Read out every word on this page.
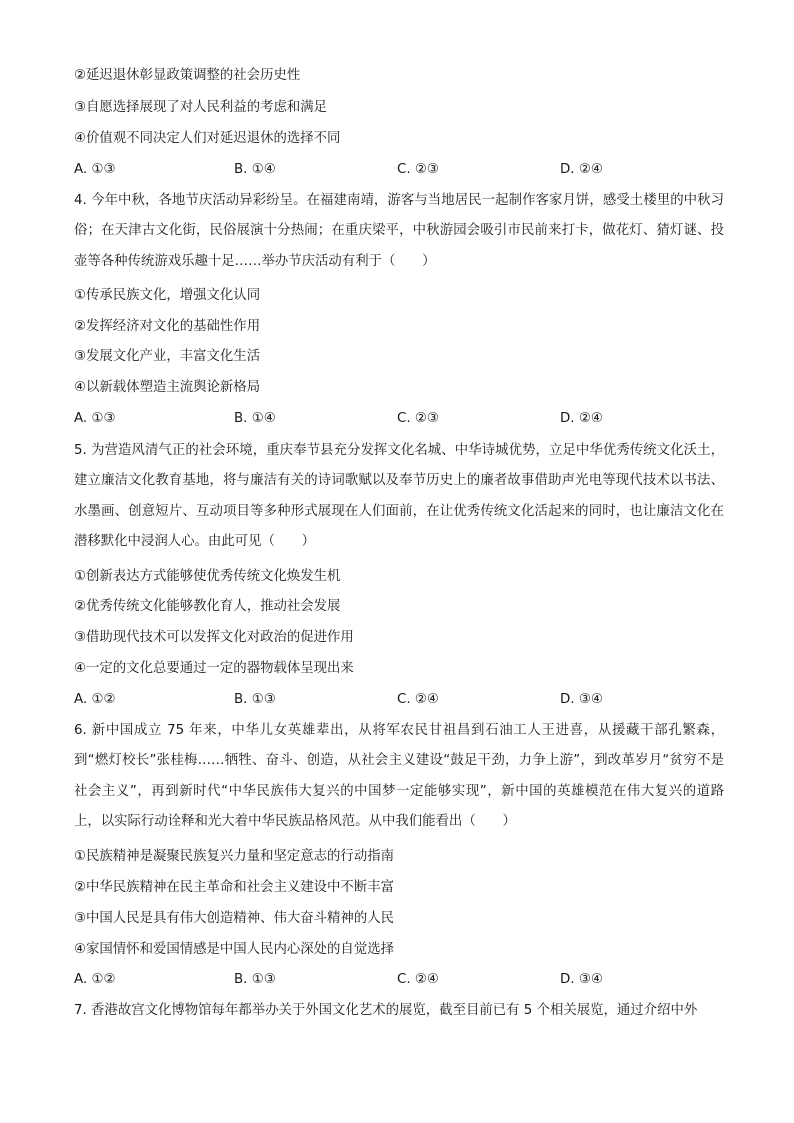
②延迟退休彰显政策调整的社会历史性
③自愿选择展现了对人民利益的考虑和满足
④价值观不同决定人们对延迟退休的选择不同
A. ①③	B. ①④	C. ②③	D. ②④
4. 今年中秋，各地节庆活动异彩纷呈。在福建南靖，游客与当地居民一起制作客家月饼，感受土楼里的中秋习俗；在天津古文化街，民俗展演十分热闹；在重庆梁平，中秋游园会吸引市民前来打卡，做花灯、猜灯谜、投壶等各种传统游戏乐趣十足……举办节庆活动有利于（　　）
①传承民族文化，增强文化认同
②发挥经济对文化的基础性作用
③发展文化产业，丰富文化生活
④以新载体塑造主流舆论新格局
A. ①③	B. ①④	C. ②③	D. ②④
5. 为营造风清气正的社会环境，重庆奉节县充分发挥文化名城、中华诗城优势，立足中华优秀传统文化沃土，建立廉洁文化教育基地，将与廉洁有关的诗词歌赋以及奉节历史上的廉者故事借助声光电等现代技术以书法、水墨画、创意短片、互动项目等多种形式展现在人们面前，在让优秀传统文化活起来的同时，也让廉洁文化在潜移默化中浸润人心。由此可见（　　）
①创新表达方式能够使优秀传统文化焕发生机
②优秀传统文化能够教化育人，推动社会发展
③借助现代技术可以发挥文化对政治的促进作用
④一定的文化总要通过一定的器物载体呈现出来
A. ①②	B. ①③	C. ②④	D. ③④
6. 新中国成立 75 年来，中华儿女英雄辈出，从将军农民甘祖昌到石油工人王进喜，从援藏干部孔繁森，到“燃灯校长”张桂梅……牺牲、奋斗、创造，从社会主义建设“鼓足干劲，力争上游”，到改革岁月“贫穷不是社会主义”，再到新时代“中华民族伟大复兴的中国梦一定能够实现”，新中国的英雄模范在伟大复兴的道路上，以实际行动诠释和光大着中华民族品格风范。从中我们能看出（　　）
①民族精神是凝聚民族复兴力量和坚定意志的行动指南
②中华民族精神在民主革命和社会主义建设中不断丰富
③中国人民是具有伟大创造精神、伟大奋斗精神的人民
④家国情怀和爱国情感是中国人民内心深处的自觉选择
A. ①②	B. ①③	C. ②④	D. ③④
7. 香港故宫文化博物馆每年都举办关于外国文化艺术的展览，截至目前已有 5 个相关展览，通过介绍中外
